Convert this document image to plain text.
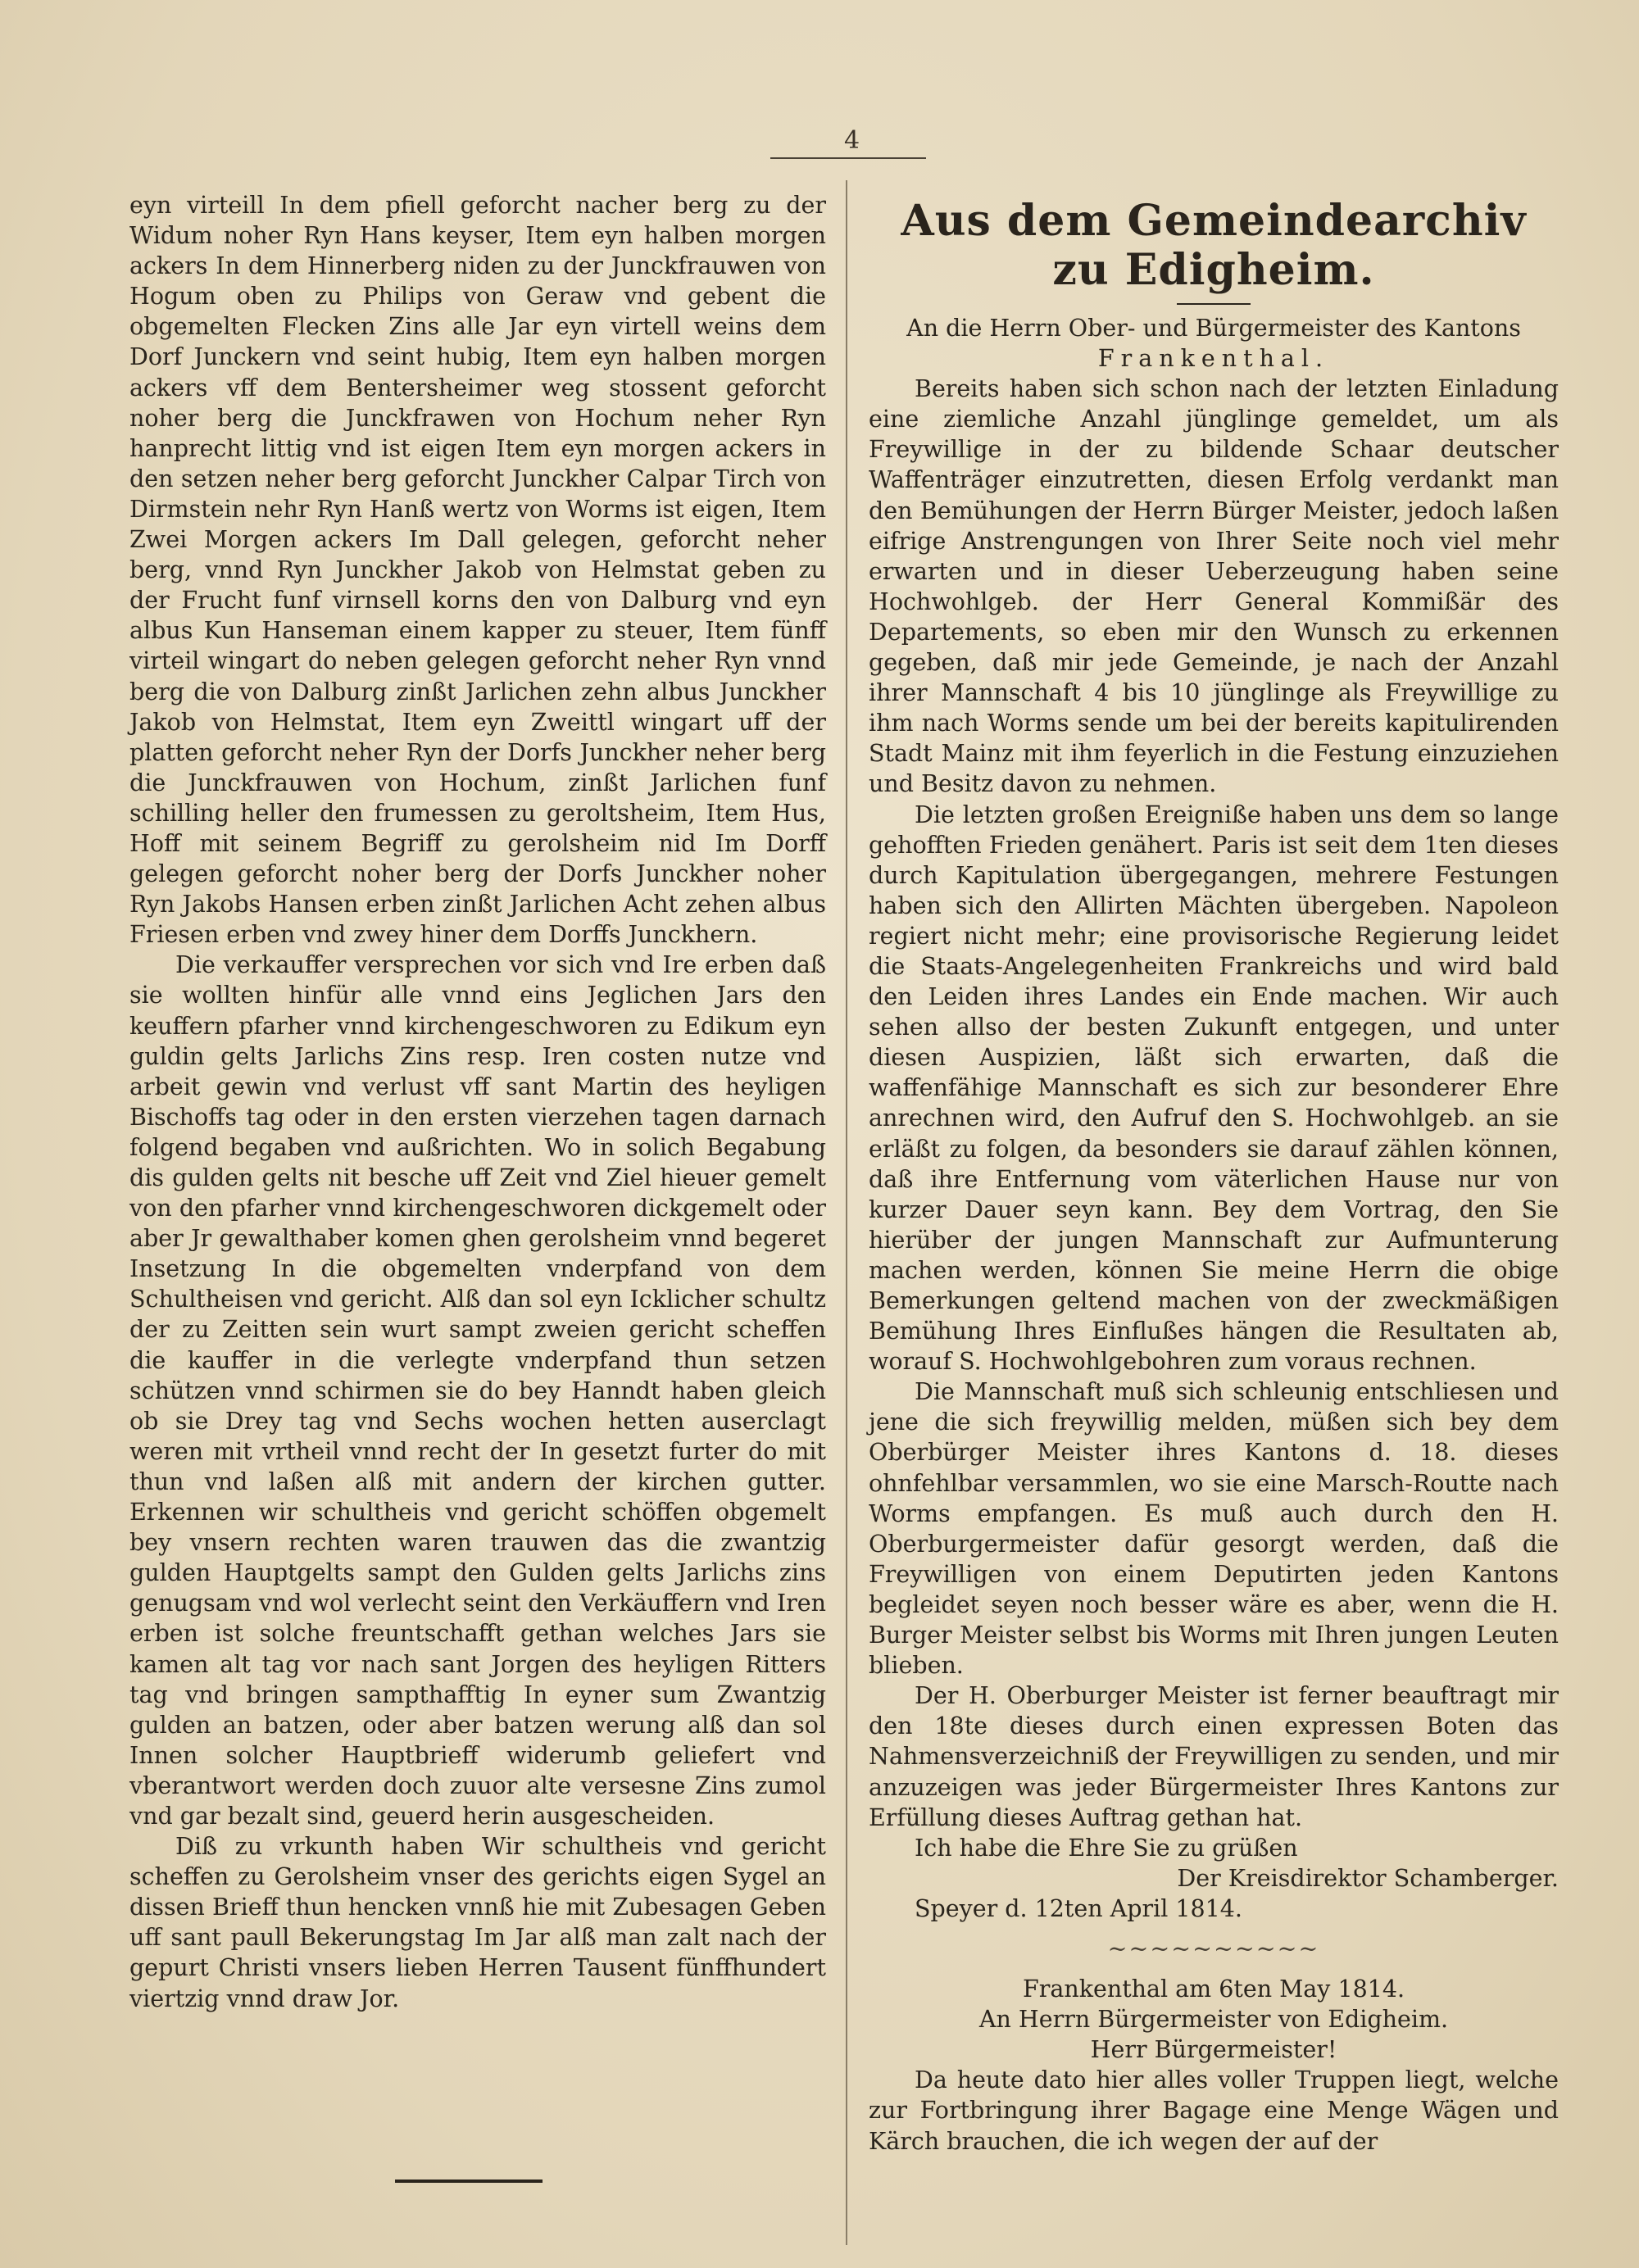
4

eyn virteill In dem pfiell geforcht nacher berg zu der Widum noher Ryn Hans keyser, Item eyn halben morgen ackers In dem Hinnerberg niden zu der Junckfrauwen von Hogum oben zu Philips von Geraw vnd gebent die obgemelten Flecken Zins alle Jar eyn virtell weins dem Dorf Junckern vnd seint hubig, Item eyn halben morgen ackers vff dem Bentersheimer weg stossent geforcht noher berg die Junckfrawen von Hochum neher Ryn hanprecht littig vnd ist eigen Item eyn morgen ackers in den setzen neher berg geforcht Junckher Calpar Tirch von Dirmstein nehr Ryn Hanß wertz von Worms ist eigen, Item Zwei Morgen ackers Im Dall gelegen, geforcht neher berg, vnnd Ryn Junckher Jakob von Helmstat geben zu der Frucht funf virnsell korns den von Dalburg vnd eyn albus Kun Hanseman einem kapper zu steuer, Item fünff virteil wingart do neben gelegen geforcht neher Ryn vnnd berg die von Dalburg zinßt Jarlichen zehn albus Junckher Jakob von Helmstat, Item eyn Zweittl wingart uff der platten geforcht neher Ryn der Dorfs Junckher neher berg die Junckfrauwen von Hochum, zinßt Jarlichen funf schilling heller den frumessen zu geroltsheim, Item Hus, Hoff mit seinem Begriff zu gerolsheim nid Im Dorff gelegen geforcht noher berg der Dorfs Junckher noher Ryn Jakobs Hansen erben zinßt Jarlichen Acht zehen albus Friesen erben vnd zwey hiner dem Dorffs Junckhern.

Die verkauffer versprechen vor sich vnd Ire erben daß sie wollten hinfür alle vnnd eins Jeglichen Jars den keuffern pfarher vnnd kirchengeschworen zu Edikum eyn guldin gelts Jarlichs Zins resp. Iren costen nutze vnd arbeit gewin vnd verlust vff sant Martin des heyligen Bischoffs tag oder in den ersten vierzehen tagen darnach folgend begaben vnd außrichten. Wo in solich Begabung dis gulden gelts nit besche uff Zeit vnd Ziel hieuer gemelt von den pfarher vnnd kirchengeschworen dickgemelt oder aber Jr gewalthaber komen ghen gerolsheim vnnd begeret Insetzung In die obgemelten vnderpfand von dem Schultheisen vnd gericht. Alß dan sol eyn Icklicher schultz der zu Zeitten sein wurt sampt zweien gericht scheffen die kauffer in die verlegte vnderpfand thun setzen schützen vnnd schirmen sie do bey Hanndt haben gleich ob sie Drey tag vnd Sechs wochen hetten auserclagt weren mit vrtheil vnnd recht der In gesetzt furter do mit thun vnd laßen alß mit andern der kirchen gutter. Erkennen wir schultheis vnd gericht schöffen obgemelt bey vnsern rechten waren trauwen das die zwantzig gulden Hauptgelts sampt den Gulden gelts Jarlichs zins genugsam vnd wol verlecht seint den Verkäuffern vnd Iren erben ist solche freuntschafft gethan welches Jars sie kamen alt tag vor nach sant Jorgen des heyligen Ritters tag vnd bringen sampthafftig In eyner sum Zwantzig gulden an batzen, oder aber batzen werung alß dan sol Innen solcher Hauptbrieff widerumb geliefert vnd vberantwort werden doch zuuor alte versesne Zins zumol vnd gar bezalt sind, geuerd herin ausgescheiden.

Diß zu vrkunth haben Wir schultheis vnd gericht scheffen zu Gerolsheim vnser des gerichts eigen Sygel an dissen Brieff thun hencken vnnß hie mit Zubesagen Geben uff sant paull Bekerungstag Im Jar alß man zalt nach der gepurt Christi vnsers lieben Herren Tausent fünffhundert viertzig vnnd draw Jor.

Aus dem Gemeindearchiv zu Edigheim.

An die Herrn Ober- und Bürgermeister des Kantons

Frankenthal.

Bereits haben sich schon nach der letzten Einladung eine ziemliche Anzahl jünglinge gemeldet, um als Freywillige in der zu bildende Schaar deutscher Waffenträger einzutretten, diesen Erfolg verdankt man den Bemühungen der Herrn Bürger Meister, jedoch laßen eifrige Anstrengungen von Ihrer Seite noch viel mehr erwarten und in dieser Ueberzeugung haben seine Hochwohlgeb. der Herr General Kommißär des Departements, so eben mir den Wunsch zu erkennen gegeben, daß mir jede Gemeinde, je nach der Anzahl ihrer Mannschaft 4 bis 10 jünglinge als Freywillige zu ihm nach Worms sende um bei der bereits kapitulirenden Stadt Mainz mit ihm feyerlich in die Festung einzuziehen und Besitz davon zu nehmen.

Die letzten großen Ereigniße haben uns dem so lange gehofften Frieden genähert. Paris ist seit dem 1ten dieses durch Kapitulation übergegangen, mehrere Festungen haben sich den Allirten Mächten übergeben. Napoleon regiert nicht mehr; eine provisorische Regierung leidet die Staats-Angelegenheiten Frankreichs und wird bald den Leiden ihres Landes ein Ende machen. Wir auch sehen allso der besten Zukunft entgegen, und unter diesen Auspizien, läßt sich erwarten, daß die waffenfähige Mannschaft es sich zur besonderer Ehre anrechnen wird, den Aufruf den S. Hochwohlgeb. an sie erläßt zu folgen, da besonders sie darauf zählen können, daß ihre Entfernung vom väterlichen Hause nur von kurzer Dauer seyn kann. Bey dem Vortrag, den Sie hierüber der jungen Mannschaft zur Aufmunterung machen werden, können Sie meine Herrn die obige Bemerkungen geltend machen von der zweckmäßigen Bemühung Ihres Einflußes hängen die Resultaten ab, worauf S. Hochwohlgebohren zum voraus rechnen.

Die Mannschaft muß sich schleunig entschliesen und jene die sich freywillig melden, müßen sich bey dem Oberbürger Meister ihres Kantons d. 18. dieses ohnfehlbar versammlen, wo sie eine Marsch-Routte nach Worms empfangen. Es muß auch durch den H. Oberburgermeister dafür gesorgt werden, daß die Freywilligen von einem Deputirten jeden Kantons begleidet seyen noch besser wäre es aber, wenn die H. Burger Meister selbst bis Worms mit Ihren jungen Leuten blieben.

Der H. Oberburger Meister ist ferner beauftragt mir den 18te dieses durch einen expressen Boten das Nahmensverzeichniß der Freywilligen zu senden, und mir anzuzeigen was jeder Bürgermeister Ihres Kantons zur Erfüllung dieses Auftrag gethan hat.

Ich habe die Ehre Sie zu grüßen

Der Kreisdirektor Schamberger.

Speyer d. 12ten April 1814.

~~~~~~~~~~

Frankenthal am 6ten May 1814.

An Herrn Bürgermeister von Edigheim.

Herr Bürgermeister!

Da heute dato hier alles voller Truppen liegt, welche zur Fortbringung ihrer Bagage eine Menge Wägen und Kärch brauchen, die ich wegen der auf der
